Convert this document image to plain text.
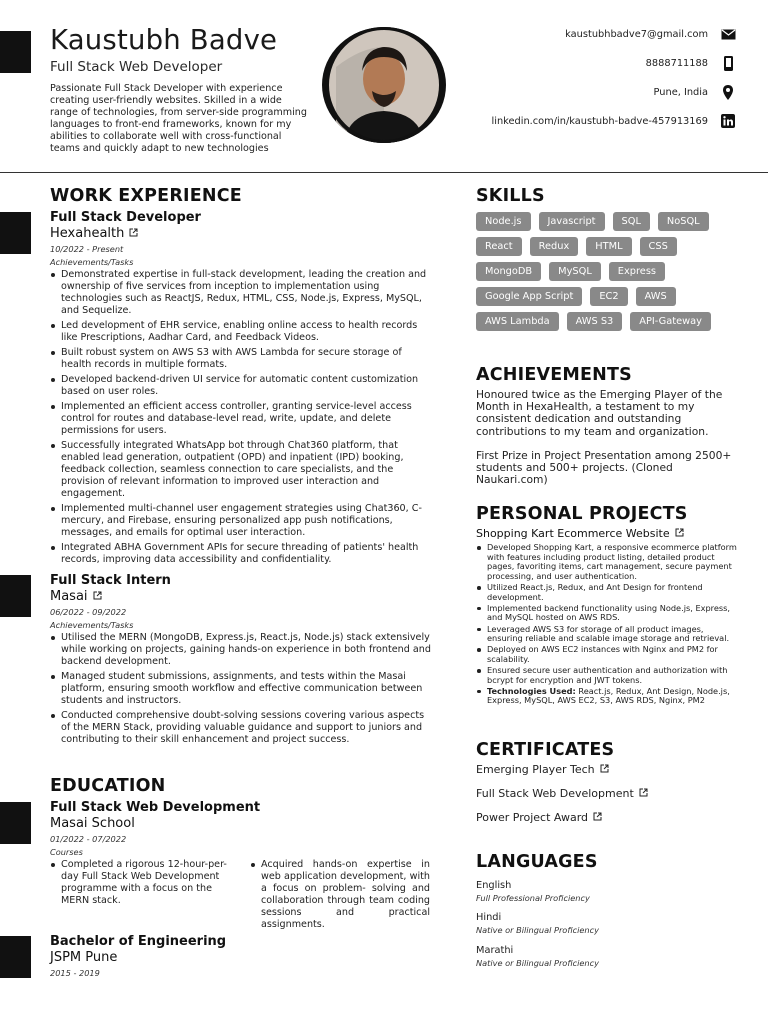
Kaustubh Badve
Full Stack Web Developer
Passionate Full Stack Developer with experience creating user-friendly websites. Skilled in a wide range of technologies, from server-side programming languages to front-end frameworks, known for my abilities to collaborate well with cross-functional teams and quickly adapt to new technologies
kaustubhbadve7@gmail.com
8888711188
Pune, India
linkedin.com/in/kaustubh-badve-457913169
WORK EXPERIENCE
Full Stack Developer
Hexahealth
10/2022 - Present
Achievements/Tasks
Demonstrated expertise in full-stack development, leading the creation and ownership of five services from inception to implementation using technologies such as ReactJS, Redux, HTML, CSS, Node.js, Express, MySQL, and Sequelize.
Led development of EHR service, enabling online access to health records like Prescriptions, Aadhar Card, and Feedback Videos.
Built robust system on AWS S3 with AWS Lambda for secure storage of health records in multiple formats.
Developed backend-driven UI service for automatic content customization based on user roles.
Implemented an efficient access controller, granting service-level access control for routes and database-level read, write, update, and delete permissions for users.
Successfully integrated WhatsApp bot through Chat360 platform, that enabled lead generation, outpatient (OPD) and inpatient (IPD) booking, feedback collection, seamless connection to care specialists, and the provision of relevant information to improved user interaction and engagement.
Implemented multi-channel user engagement strategies using Chat360, C-mercury, and Firebase, ensuring personalized app push notifications, messages, and emails for optimal user interaction.
Integrated ABHA Government APIs for secure threading of patients' health records, improving data accessibility and confidentiality.
Full Stack Intern
Masai
06/2022 - 09/2022
Achievements/Tasks
Utilised the MERN (MongoDB, Express.js, React.js, Node.js) stack extensively while working on projects, gaining hands-on experience in both frontend and backend development.
Managed student submissions, assignments, and tests within the Masai platform, ensuring smooth workflow and effective communication between students and instructors.
Conducted comprehensive doubt-solving sessions covering various aspects of the MERN Stack, providing valuable guidance and support to juniors and contributing to their skill enhancement and project success.
EDUCATION
Full Stack Web Development
Masai School
01/2022 - 07/2022
Courses
Completed a rigorous 12-hour-per-day Full Stack Web Development programme with a focus on the MERN stack.
Acquired hands-on expertise in web application development, with a focus on problem- solving and collaboration through team coding sessions and practical assignments.
Bachelor of Engineering
JSPM Pune
2015 - 2019
SKILLS
Node.js	Javascript	SQL	NoSQL
React	Redux	HTML	CSS
MongoDB	MySQL	Express
Google App Script	EC2	AWS
AWS Lambda	AWS S3	API-Gateway
ACHIEVEMENTS
Honoured twice as the Emerging Player of the Month in HexaHealth, a testament to my consistent dedication and outstanding contributions to my team and organization.
First Prize in Project Presentation among 2500+ students and 500+ projects. (Cloned Naukari.com)
PERSONAL PROJECTS
Shopping Kart Ecommerce Website
Developed Shopping Kart, a responsive ecommerce platform with features including product listing, detailed product pages, favoriting items, cart management, secure payment processing, and user authentication.
Utilized React.js, Redux, and Ant Design for frontend development.
Implemented backend functionality using Node.js, Express, and MySQL hosted on AWS RDS.
Leveraged AWS S3 for storage of all product images, ensuring reliable and scalable image storage and retrieval.
Deployed on AWS EC2 instances with Nginx and PM2 for scalability.
Ensured secure user authentication and authorization with bcrypt for encryption and JWT tokens.
Technologies Used: React.js, Redux, Ant Design, Node.js, Express, MySQL, AWS EC2, S3, AWS RDS, Nginx, PM2
CERTIFICATES
Emerging Player Tech
Full Stack Web Development
Power Project Award
LANGUAGES
English
Full Professional Proficiency
Hindi
Native or Bilingual Proficiency
Marathi
Native or Bilingual Proficiency
